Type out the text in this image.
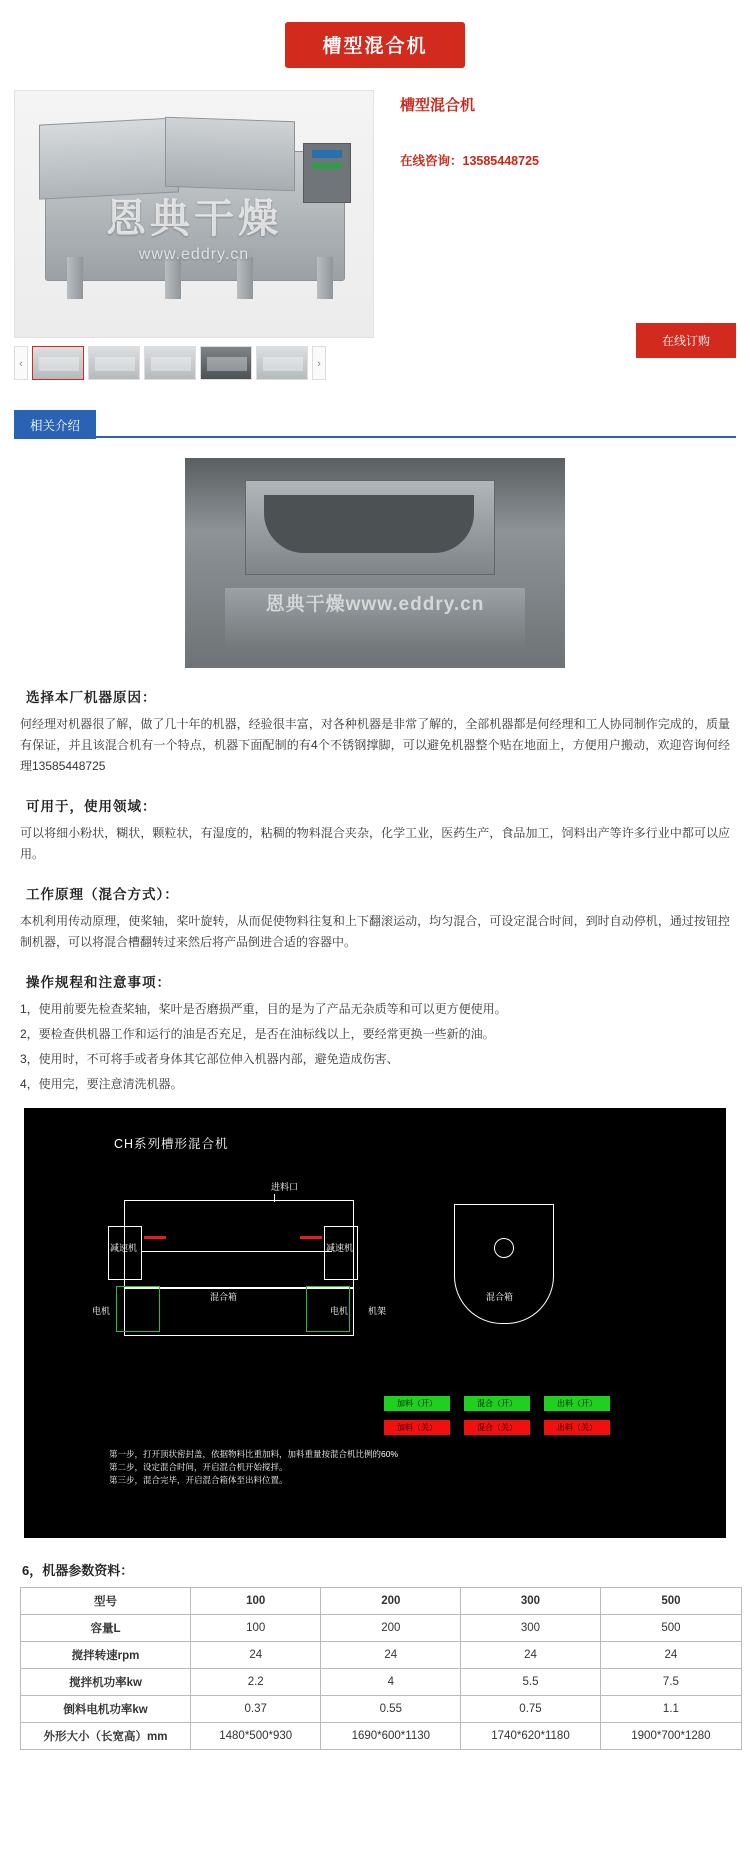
槽型混合机
恩典干燥
www.eddry.cn
‹	›
槽型混合机
在线咨询：13585448725
在线订购
相关介绍
恩典干燥www.eddry.cn
选择本厂机器原因：
何经理对机器很了解，做了几十年的机器，经验很丰富，对各种机器是非常了解的，全部机器都是何经理和工人协同制作完成的，质量有保证，并且该混合机有一个特点，机器下面配制的有4个不锈钢撑脚，可以避免机器整个贴在地面上，方便用户搬动，欢迎咨询何经理13585448725
可用于，使用领域：
可以将细小粉状，糊状，颗粒状，有湿度的，粘稠的物料混合夹杂，化学工业，医药生产，食品加工，饲料出产等许多行业中都可以应用。
工作原理（混合方式）：
本机利用传动原理，使桨轴，桨叶旋转，从而促使物料往复和上下翻滚运动，均匀混合，可设定混合时间，到时自动停机，通过按钮控制机器，可以将混合槽翻转过来然后将产品倒进合适的容器中。
操作规程和注意事项：

1，使用前要先检查桨轴，桨叶是否磨损严重，目的是为了产品无杂质等和可以更方便使用。

2，要检查供机器工作和运行的油是否充足，是否在油标线以上，要经常更换一些新的油。

3，使用时，不可将手或者身体其它部位伸入机器内部，避免造成伤害、

4，使用完，要注意清洗机器。

CH系列槽形混合机
进料口
减速机	减速机
混合箱	混合箱
电机	电机 机架
加料（开）	混合（开）	出料（开）
加料（关）	混合（关）	出料（关）
第一步，打开顶状密封盖，依据物料比重加料，加料重量按混合机比例的60%
第二步，设定混合时间，开启混合机开始搅拌。
第三步，混合完毕，开启混合箱体至出料位置。
6，机器参数资料：
型号	100	200	300	500
容量L	100	200	300	500
搅拌转速rpm	24	24	24	24
搅拌机功率kw	2.2	4	5.5	7.5
倒料电机功率kw	0.37	0.55	0.75	1.1
外形大小（长宽高）mm	1480*500*930	1690*600*1130	1740*620*1180	1900*700*1280
